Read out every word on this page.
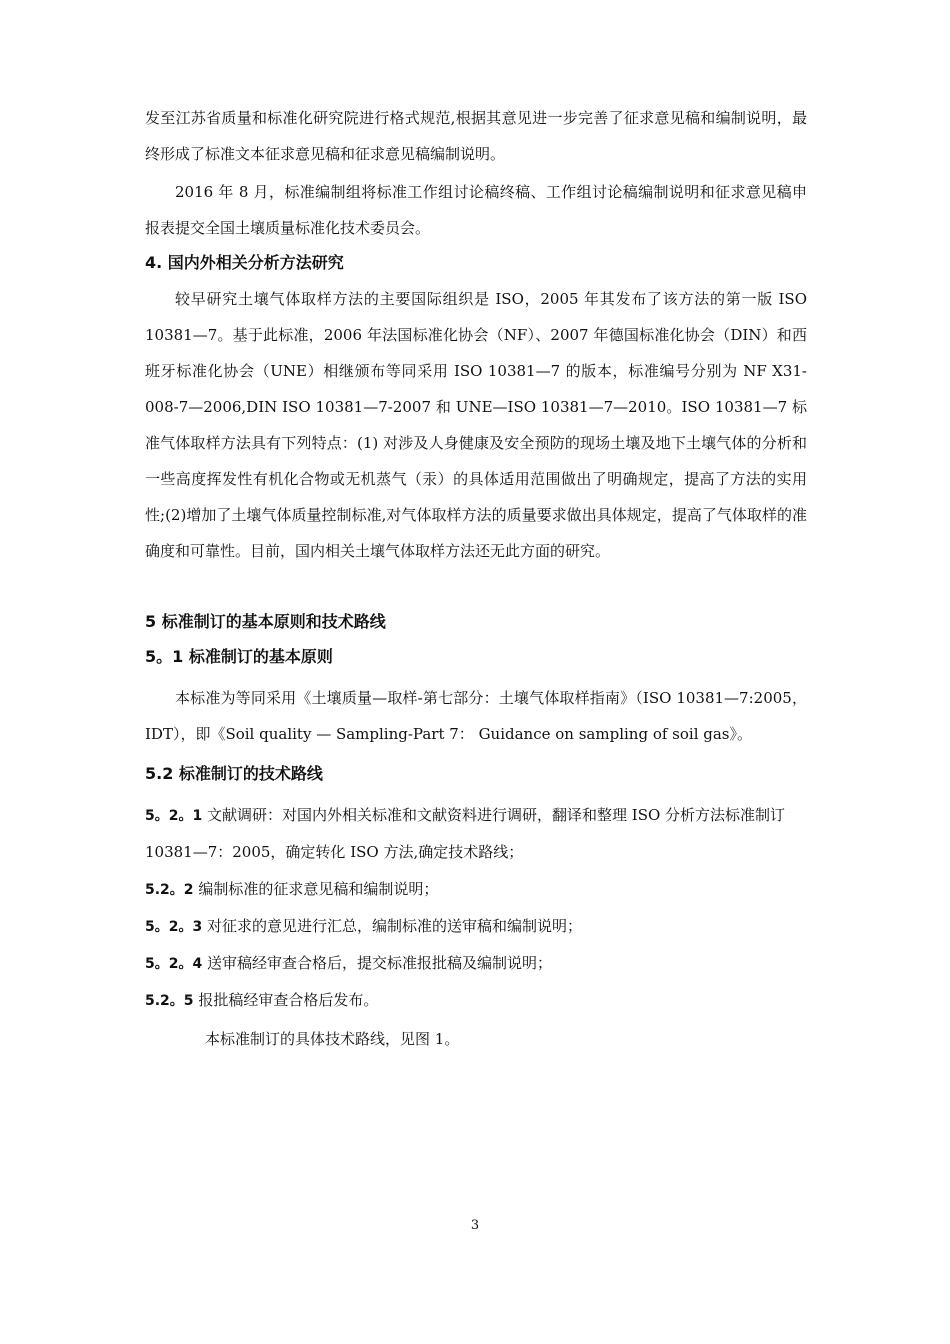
发至江苏省质量和标准化研究院进行格式规范,根据其意见进一步完善了征求意见稿和编制说明，最终形成了标准文本征求意见稿和征求意见稿编制说明。
2016 年 8 月，标准编制组将标准工作组讨论稿终稿、工作组讨论稿编制说明和征求意见稿申报表提交全国土壤质量标准化技术委员会。
4. 国内外相关分析方法研究
较早研究土壤气体取样方法的主要国际组织是 ISO，2005 年其发布了该方法的第一版 ISO 10381—7。基于此标准，2006 年法国标准化协会（NF）、2007 年德国标准化协会（DIN）和西班牙标准化协会（UNE）相继颁布等同采用 ISO 10381—7 的版本，标准编号分别为 NF X31-008-7—2006,DIN ISO 10381—7-2007 和 UNE—ISO 10381—7—2010。ISO 10381—7 标准气体取样方法具有下列特点：(1) 对涉及人身健康及安全预防的现场土壤及地下土壤气体的分析和一些高度挥发性有机化合物或无机蒸气（汞）的具体适用范围做出了明确规定，提高了方法的实用性;(2)增加了土壤气体质量控制标准,对气体取样方法的质量要求做出具体规定，提高了气体取样的准确度和可靠性。目前，国内相关土壤气体取样方法还无此方面的研究。
5 标准制订的基本原则和技术路线
5。1 标准制订的基本原则
本标准为等同采用《土壤质量—取样-第七部分：土壤气体取样指南》（ISO 10381—7:2005，IDT），即《Soil quality — Sampling-Part 7： Guidance on sampling of soil gas》。
5.2 标准制订的技术路线
5。2。1 文献调研：对国内外相关标准和文献资料进行调研，翻译和整理 ISO 分析方法标准制订 10381—7：2005，确定转化 ISO 方法,确定技术路线；
5.2。2 编制标准的征求意见稿和编制说明；
5。2。3 对征求的意见进行汇总，编制标准的送审稿和编制说明；
5。2。4 送审稿经审查合格后，提交标准报批稿及编制说明；
5.2。5 报批稿经审查合格后发布。
本标准制订的具体技术路线，见图 1。
3
